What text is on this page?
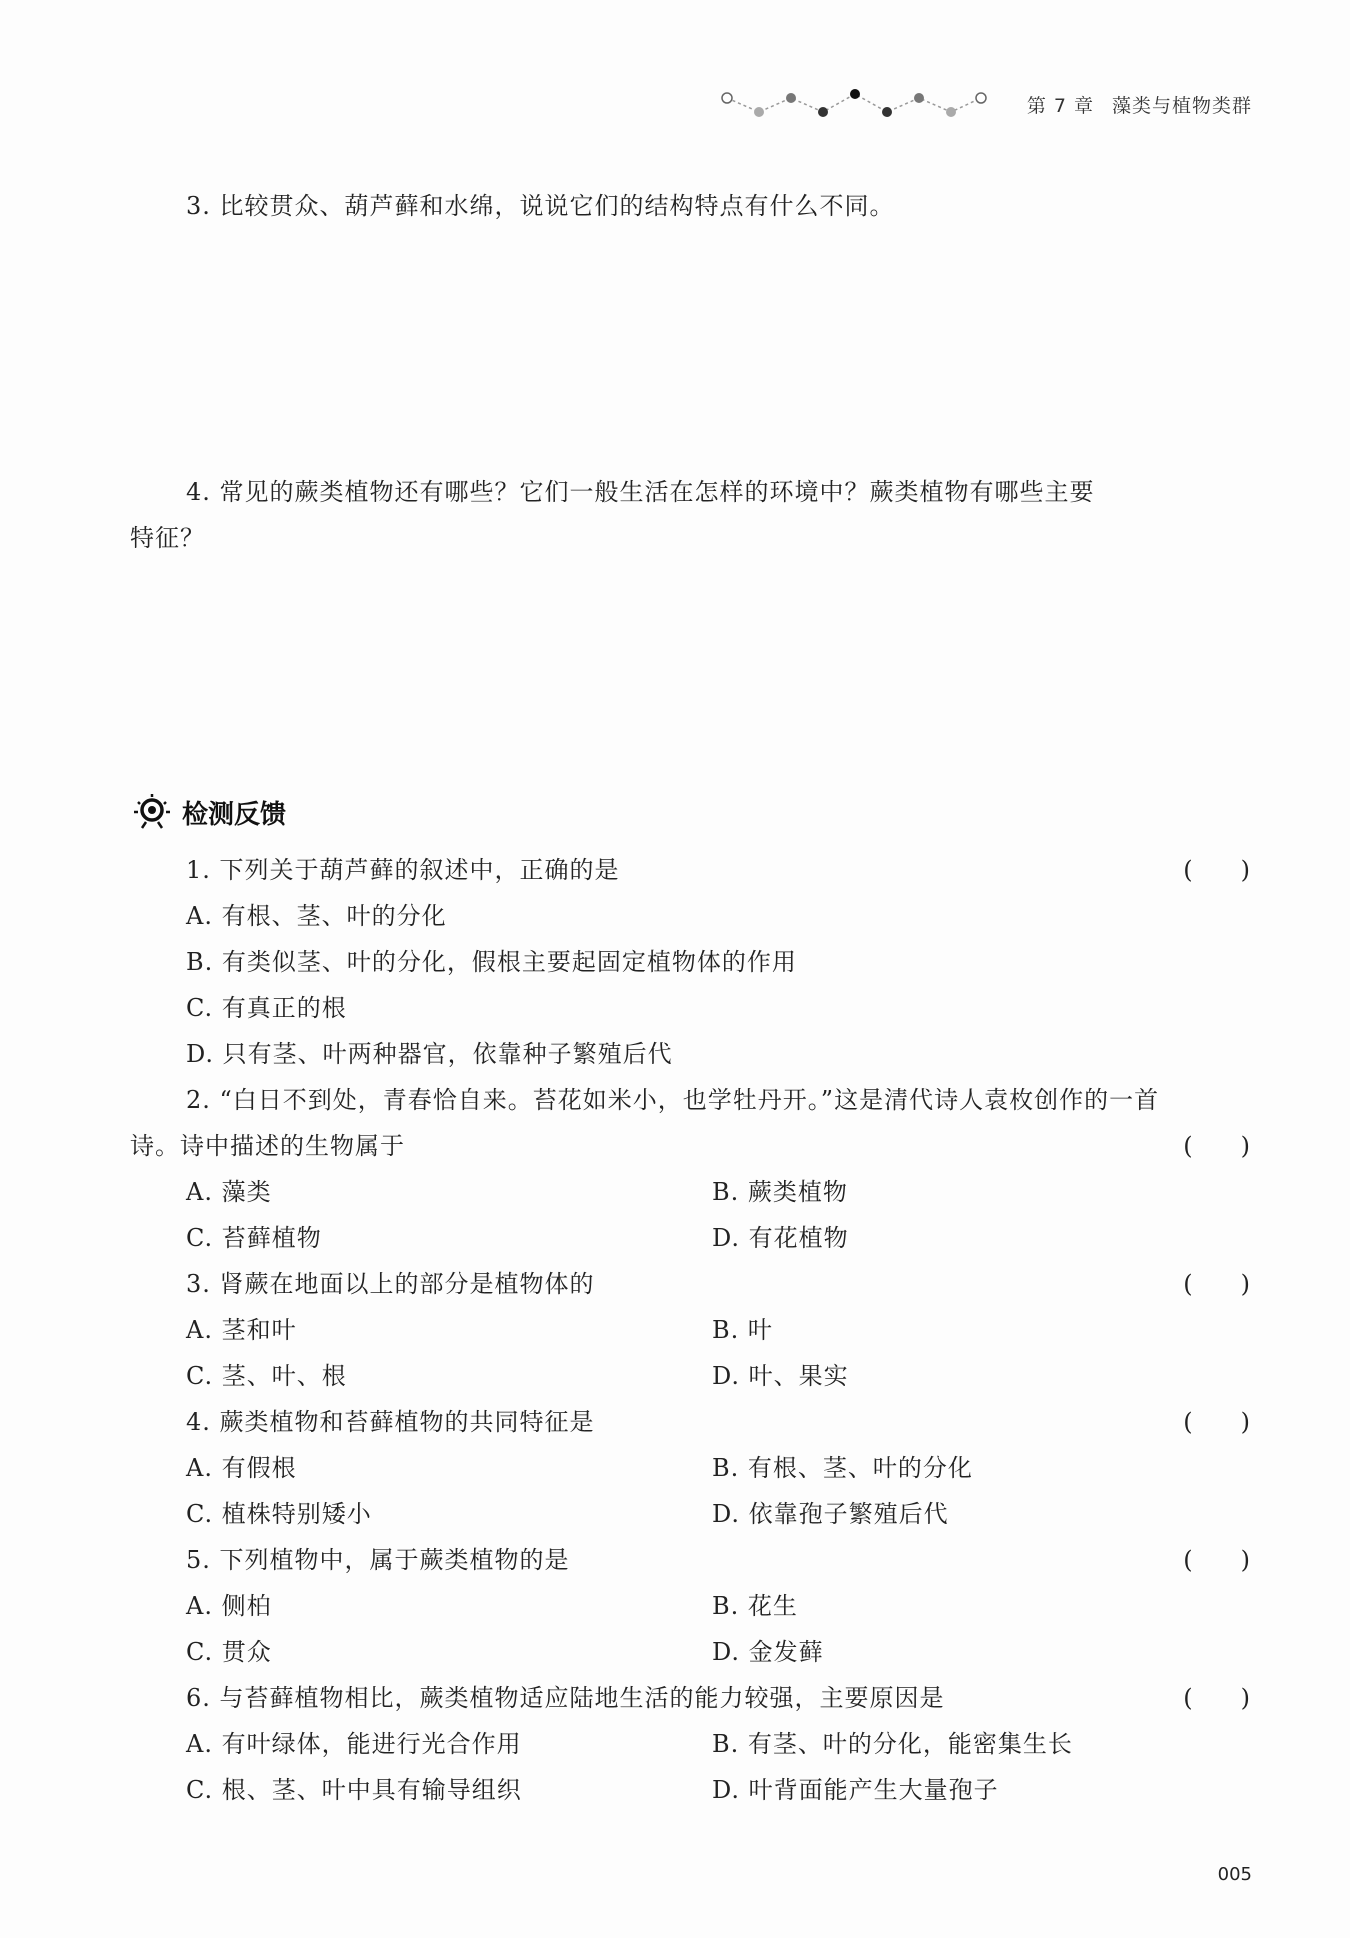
第 7 章 藻类与植物类群
3. 比较贯众、葫芦藓和水绵，说说它们的结构特点有什么不同。
4. 常见的蕨类植物还有哪些？它们一般生活在怎样的环境中？蕨类植物有哪些主要
特征？
检测反馈
1. 下列关于葫芦藓的叙述中，正确的是	(　　)
A. 有根、茎、叶的分化
B. 有类似茎、叶的分化，假根主要起固定植物体的作用
C. 有真正的根
D. 只有茎、叶两种器官，依靠种子繁殖后代
2. “白日不到处，青春恰自来。苔花如米小，也学牡丹开。”这是清代诗人袁枚创作的一首
诗。诗中描述的生物属于	(　　)
A. 藻类	B. 蕨类植物
C. 苔藓植物	D. 有花植物
3. 肾蕨在地面以上的部分是植物体的	(　　)
A. 茎和叶	B. 叶
C. 茎、叶、根	D. 叶、果实
4. 蕨类植物和苔藓植物的共同特征是	(　　)
A. 有假根	B. 有根、茎、叶的分化
C. 植株特别矮小	D. 依靠孢子繁殖后代
5. 下列植物中，属于蕨类植物的是	(　　)
A. 侧柏	B. 花生
C. 贯众	D. 金发藓
6. 与苔藓植物相比，蕨类植物适应陆地生活的能力较强，主要原因是	(　　)
A. 有叶绿体，能进行光合作用	B. 有茎、叶的分化，能密集生长
C. 根、茎、叶中具有输导组织	D. 叶背面能产生大量孢子
005
